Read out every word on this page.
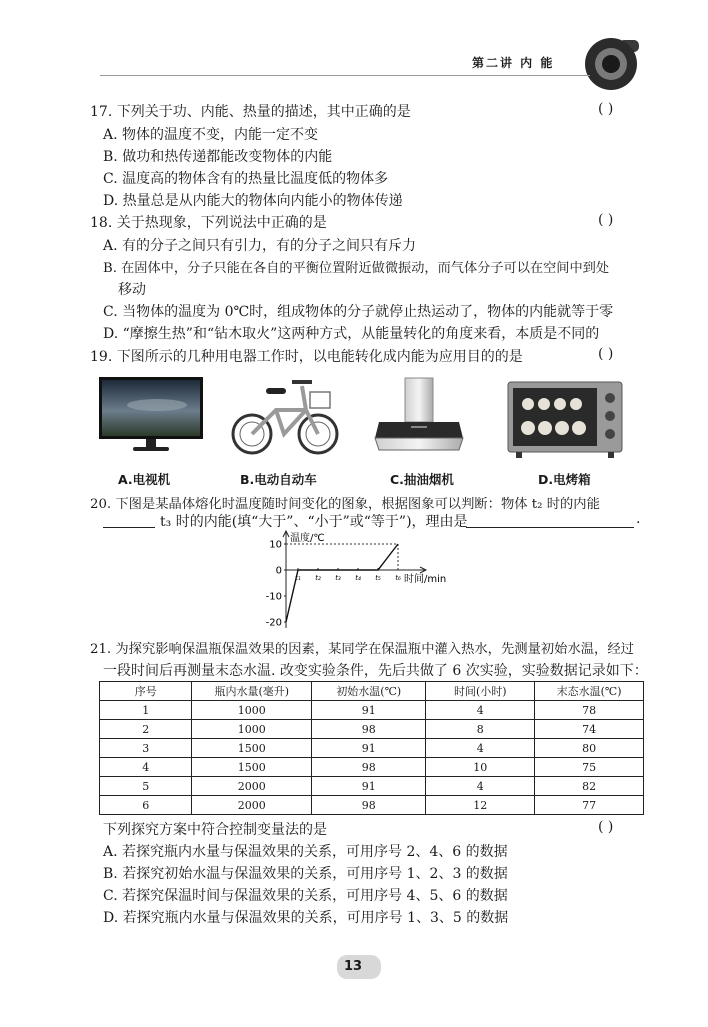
第二讲 内 能
17. 下列关于功、内能、热量的描述，其中正确的是	( )
A. 物体的温度不变，内能一定不变
B. 做功和热传递都能改变物体的内能
C. 温度高的物体含有的热量比温度低的物体多
D. 热量总是从内能大的物体向内能小的物体传递
18. 关于热现象，下列说法中正确的是	( )
A. 有的分子之间只有引力，有的分子之间只有斥力
B. 在固体中，分子只能在各自的平衡位置附近做微振动，而气体分子可以在空间中到处
移动
C. 当物体的温度为 0℃时，组成物体的分子就停止热运动了，物体的内能就等于零
D. “摩擦生热”和“钻木取火”这两种方式，从能量转化的角度来看，本质是不同的
19. 下图所示的几种用电器工作时，以电能转化成内能为应用目的的是	( )
A.电视机	B.电动自动车	C.抽油烟机	D.电烤箱
20. 下图是某晶体熔化时温度随时间变化的图象，根据图象可以判断：物体 t₂ 时的内能
t₃ 时的内能(填“大于”、“小于”或“等于”)，理由是	.
温度/℃
10
0
-10
-20
t₁ t₂ t₃ t₄ t₅ t₆ 时间/min
21. 为探究影响保温瓶保温效果的因素，某同学在保温瓶中灌入热水，先测量初始水温，经过
一段时间后再测量末态水温. 改变实验条件，先后共做了 6 次实验，实验数据记录如下：
序号	瓶内水量(毫升)	初始水温(℃)	时间(小时)	末态水温(℃)
1	1000	91	4	78
2	1000	98	8	74
3	1500	91	4	80
4	1500	98	10	75
5	2000	91	4	82
6	2000	98	12	77
下列探究方案中符合控制变量法的是	( )
A. 若探究瓶内水量与保温效果的关系，可用序号 2、4、6 的数据
B. 若探究初始水温与保温效果的关系，可用序号 1、2、3 的数据
C. 若探究保温时间与保温效果的关系，可用序号 4、5、6 的数据
D. 若探究瓶内水量与保温效果的关系，可用序号 1、3、5 的数据
13
